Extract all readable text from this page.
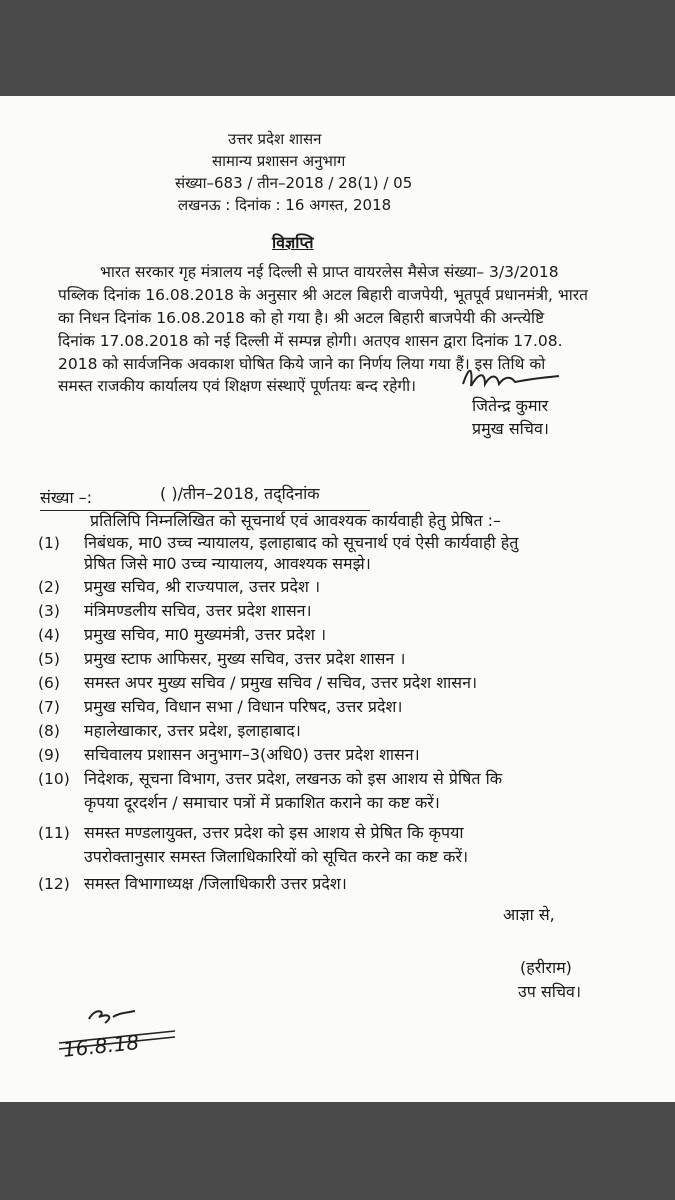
उत्तर प्रदेश शासन
सामान्य प्रशासन अनुभाग
संख्या–683 / तीन–2018 / 28(1) / 05
लखनऊ : दिनांक : 16 अगस्त, 2018
विज्ञप्ति
भारत सरकार गृह मंत्रालय नई दिल्ली से प्राप्त वायरलेस मैसेज संख्या– 3/3/2018
पब्लिक दिनांक 16.08.2018 के अनुसार श्री अटल बिहारी वाजपेयी, भूतपूर्व प्रधानमंत्री, भारत
का निधन दिनांक 16.08.2018 को हो गया है। श्री अटल बिहारी बाजपेयी की अन्त्येष्टि
दिनांक 17.08.2018 को नई दिल्ली में सम्पन्न होगी। अतएव शासन द्वारा दिनांक 17.08.
2018 को सार्वजनिक अवकाश घोषित किये जाने का निर्णय लिया गया हैं। इस तिथि को
समस्त राजकीय कार्यालय एवं शिक्षण संस्थाऐं पूर्णतयः बन्द रहेगी।
जितेन्द्र कुमार
प्रमुख सचिव।
संख्या –:	( )/तीन–2018, तद्‌दिनांक
प्रतिलिपि निम्नलिखित को सूचनार्थ एवं आवश्यक कार्यवाही हेतु प्रेषित :–
(1) निबंधक, मा0 उच्च न्यायालय, इलाहाबाद को सूचनार्थ एवं ऐसी कार्यवाही हेतु
प्रेषित जिसे मा0 उच्च न्यायालय, आवश्यक समझे।
(2) प्रमुख सचिव, श्री राज्यपाल, उत्तर प्रदेश ।
(3) मंत्रिमण्डलीय सचिव, उत्तर प्रदेश शासन।
(4) प्रमुख सचिव, मा0 मुख्यमंत्री, उत्तर प्रदेश ।
(5) प्रमुख स्टाफ आफिसर, मुख्य सचिव, उत्तर प्रदेश शासन ।
(6) समस्त अपर मुख्य सचिव / प्रमुख सचिव / सचिव, उत्तर प्रदेश शासन।
(7) प्रमुख सचिव, विधान सभा / विधान परिषद, उत्तर प्रदेश।
(8) महालेखाकार, उत्तर प्रदेश, इलाहाबाद।
(9) सचिवालय प्रशासन अनुभाग–3(अधि0) उत्तर प्रदेश शासन।
(10) निदेशक, सूचना विभाग, उत्तर प्रदेश, लखनऊ को इस आशय से प्रेषित कि
कृपया दूरदर्शन / समाचार पत्रों में प्रकाशित कराने का कष्ट करें।
(11) समस्त मण्डलायुक्त, उत्तर प्रदेश को इस आशय से प्रेषित कि कृपया
उपरोक्तानुसार समस्त जिलाधिकारियों को सूचित करने का कष्ट करें।
(12) समस्त विभागाध्यक्ष /जिलाधिकारी उत्तर प्रदेश।
आज्ञा से,
(हरीराम)
उप सचिव।
16.8.18
